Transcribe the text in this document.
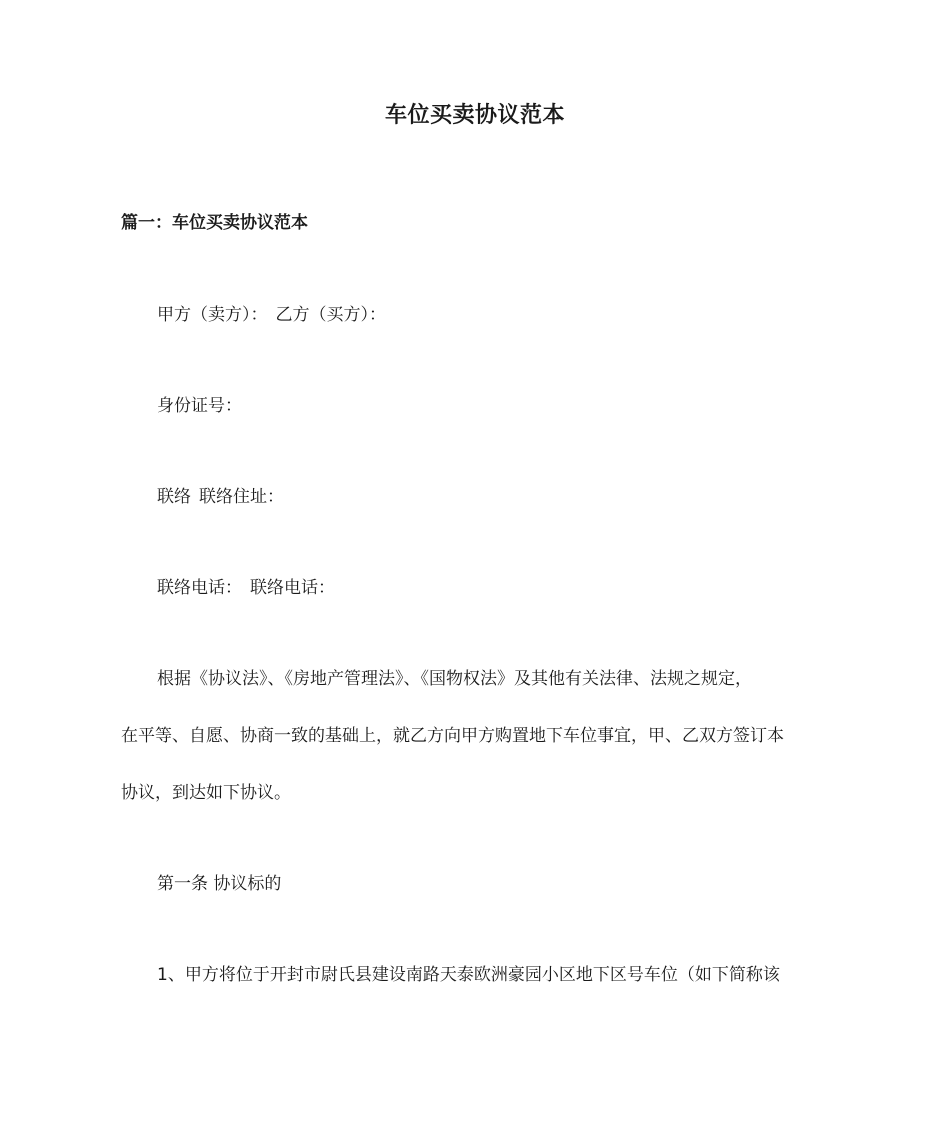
车位买卖协议范本
篇一：车位买卖协议范本
甲方（卖方）： 乙方（买方）：
身份证号：
联络 联络住址：
联络电话： 联络电话：
根据《协议法》、《房地产管理法》、《国物权法》及其他有关法律、法规之规定，
在平等、自愿、协商一致的基础上，就乙方向甲方购置地下车位事宜，甲、乙双方签订本
协议，到达如下协议。
第一条 协议标的
1、甲方将位于开封市尉氏县建设南路天泰欧洲豪园小区地下区号车位（如下简称该
